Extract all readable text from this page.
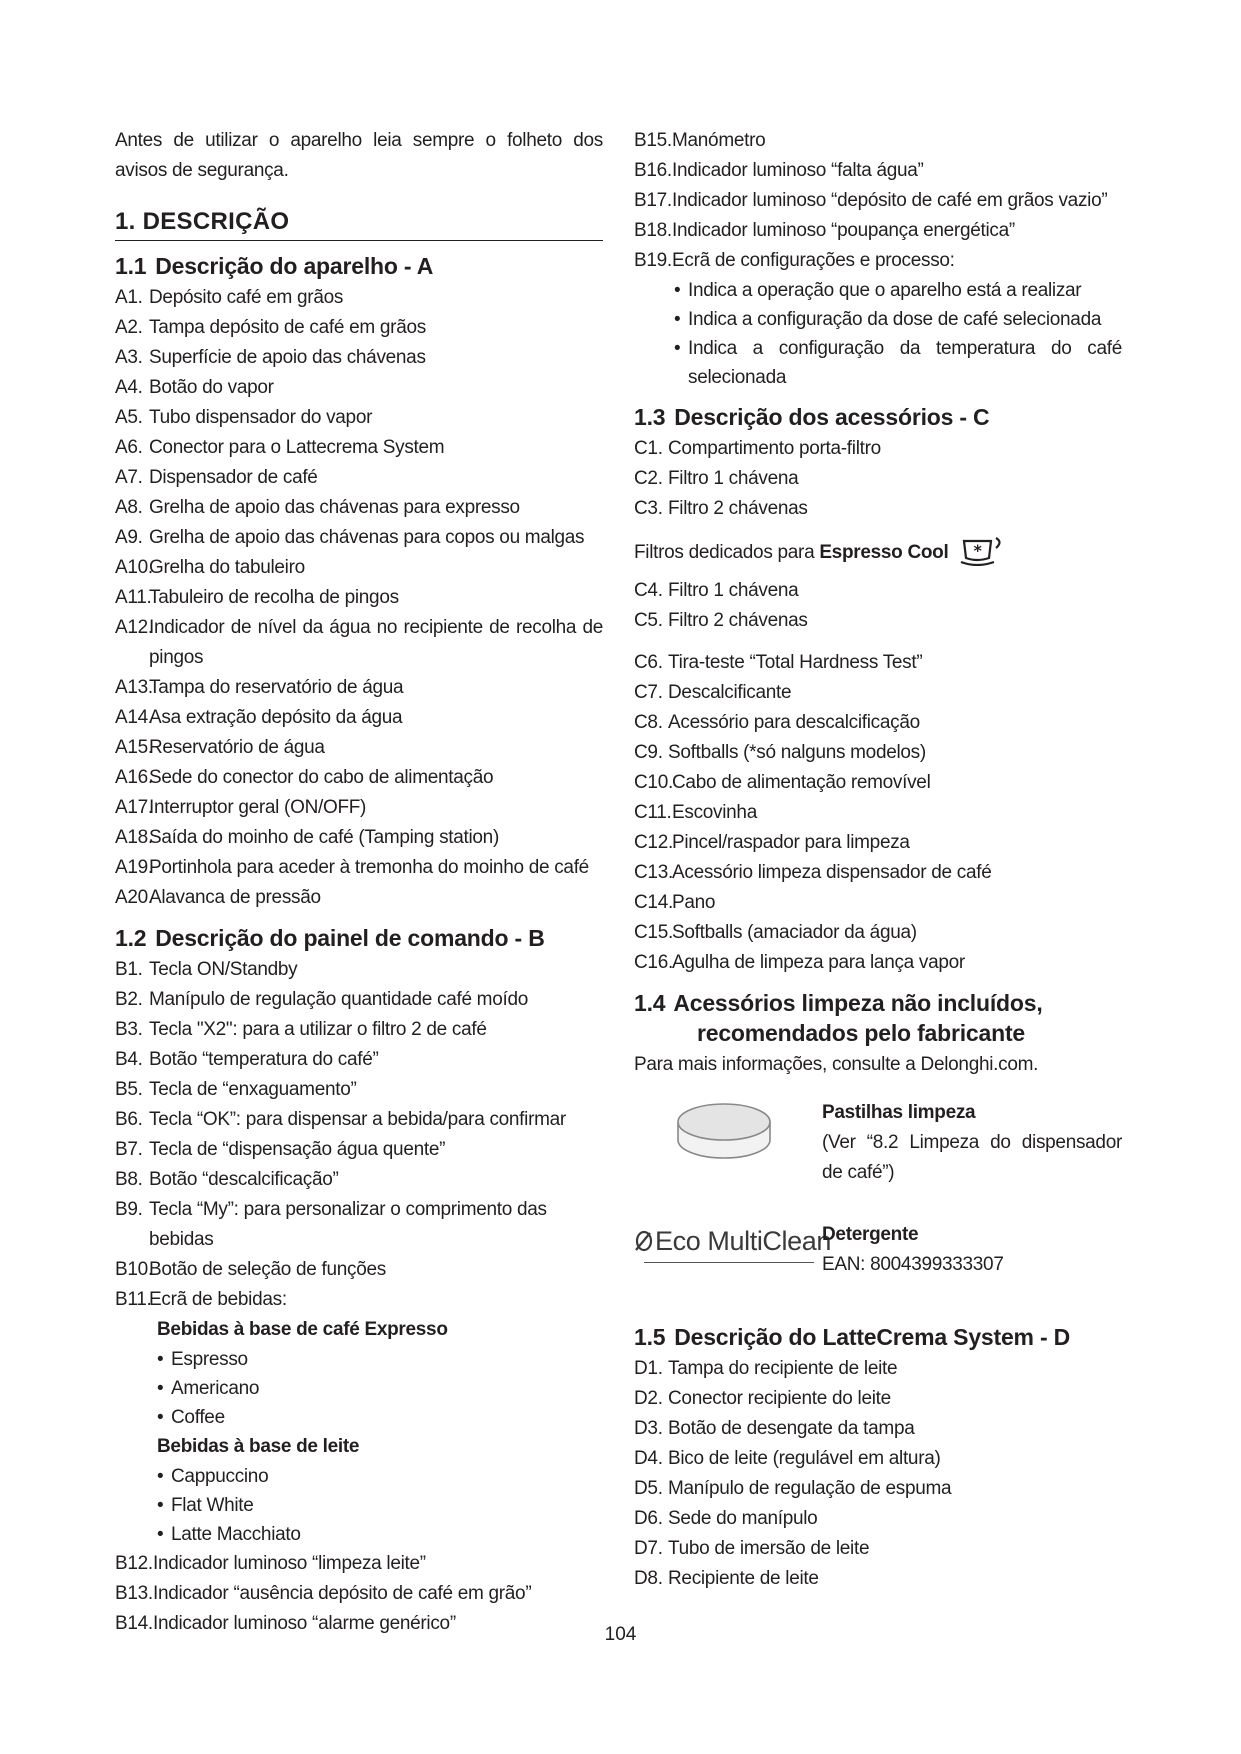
Antes de utilizar o aparelho leia sempre o folheto dos avisos de segurança.

1. DESCRIÇÃO
1.1 Descrição do aparelho - A
A1. Depósito café em grãos
A2. Tampa depósito de café em grãos
A3. Superfície de apoio das chávenas
A4. Botão do vapor
A5. Tubo dispensador do vapor
A6. Conector para o Lattecrema System
A7. Dispensador de café
A8. Grelha de apoio das chávenas para expresso
A9. Grelha de apoio das chávenas para copos ou malgas
A10.
Grelha do tabuleiro
A11.
Tabuleiro de recolha de pingos
A12.
Indicador de nível da água no recipiente de recolha de pingos
A13.
Tampa do reservatório de água
A14.
Asa extração depósito da água
A15.
Reservatório de água
A16.
Sede do conector do cabo de alimentação
A17.
Interruptor geral (ON/OFF)
A18.
Saída do moinho de café (Tamping station)
A19.
Portinhola para aceder à tremonha do moinho de café
A20.
Alavanca de pressão
1.2 Descrição do painel de comando - B
B1. Tecla ON/Standby
B2. Manípulo de regulação quantidade café moído
B3. Tecla "X2": para a utilizar o filtro 2 de café
B4. Botão “temperatura do café”
B5. Tecla de “enxaguamento”
B6. Tecla “OK”: para dispensar a bebida/para confirmar
B7. Tecla de “dispensação água quente”
B8. Botão “descalcificação”
B9. Tecla “My”: para personalizar o comprimento das bebidas
B10.
Botão de seleção de funções
B11.
Ecrã de bebidas:
Bebidas à base de café Expresso
• Espresso
• Americano
• Coffee
Bebidas à base de leite
• Cappuccino
• Flat White
• Latte Macchiato
B12. Indicador luminoso “limpeza leite”
B13. Indicador “ausência depósito de café em grão”
B14. Indicador luminoso “alarme genérico”
B15. Manómetro
B16. Indicador luminoso “falta água”
B17. Indicador luminoso “depósito de café em grãos vazio”
B18. Indicador luminoso “poupança energética”
B19. Ecrã de configurações e processo:
• Indica a operação que o aparelho está a realizar
• Indica a configuração da dose de café selecionada
• Indica a configuração da temperatura do café selecionada
1.3 Descrição dos acessórios - C
C1. Compartimento porta-filtro
C2. Filtro 1 chávena
C3. Filtro 2 chávenas
Filtros dedicados para Espresso Cool *
C4. Filtro 1 chávena
C5. Filtro 2 chávenas
C6. Tira-teste “Total Hardness Test”
C7. Descalcificante
C8. Acessório para descalcificação
C9. Softballs (*só nalguns modelos)
C10. Cabo de alimentação removível
C11. Escovinha
C12. Pincel/raspador para limpeza
C13. Acessório limpeza dispensador de café
C14. Pano
C15. Softballs (amaciador da água)
C16. Agulha de limpeza para lança vapor
1.4 Acessórios limpeza não incluídos,
recomendados pelo fabricante

Para mais informações, consulte a Delonghi.com.

Pastilhas limpeza
(Ver “8.2 Limpeza do dispensador de café”)
Eco MultiClean
Detergente
EAN: 8004399333307
1.5 Descrição do LatteCrema System - D
D1. Tampa do recipiente de leite
D2. Conector recipiente do leite
D3. Botão de desengate da tampa
D4. Bico de leite (regulável em altura)
D5. Manípulo de regulação de espuma
D6. Sede do manípulo
D7. Tubo de imersão de leite
D8. Recipiente de leite
104
